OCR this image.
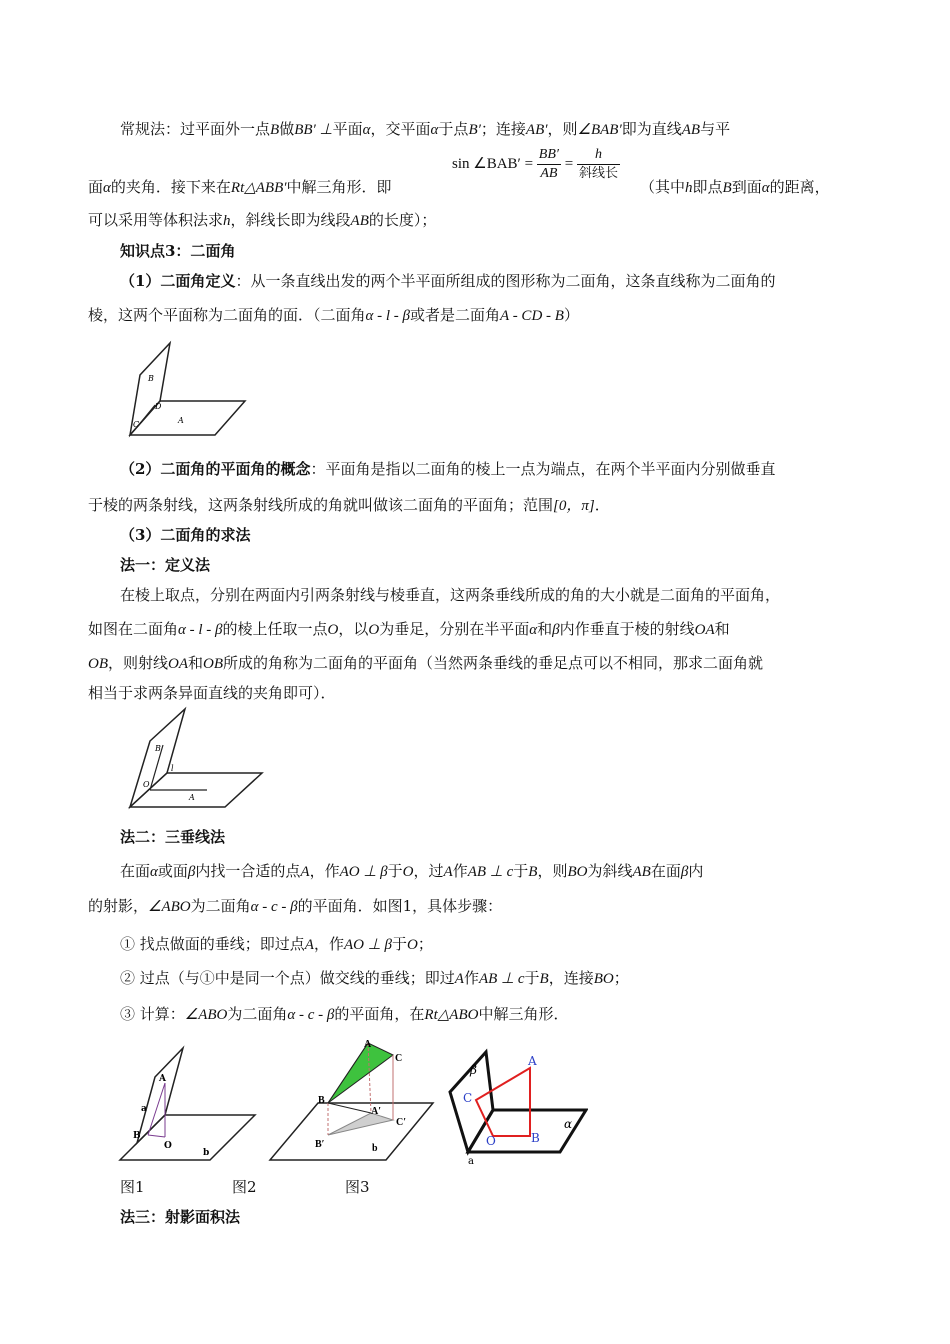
常规法：过平面外一点B做BB′ ⊥平面α，交平面α于点B′；连接AB′，则∠BAB′即为直线AB与平
sin ∠BAB′ = $\frac{BB'}{AB} = \frac{h}{\text{斜线长}}$
面α的夹角．接下来在Rt△ABB′中解三角形．即	（其中h即点B到面α的距离，
可以采用等体积法求h，斜线长即为线段AB的长度）；
知识点3：二面角
（1）二面角定义：从一条直线出发的两个半平面所组成的图形称为二面角，这条直线称为二面角的
棱，这两个平面称为二面角的面．（二面角α - l - β或者是二面角A - CD - B）
B
D
C	A
（2）二面角的平面角的概念：平面角是指以二面角的棱上一点为端点，在两个半平面内分别做垂直
于棱的两条射线，这两条射线所成的角就叫做该二面角的平面角；范围[0，π]．
（3）二面角的求法
法一：定义法
在棱上取点，分别在两面内引两条射线与棱垂直，这两条垂线所成的角的大小就是二面角的平面角，
如图在二面角α - l - β的棱上任取一点O，以O为垂足，分别在半平面α和β内作垂直于棱的射线OA和
OB，则射线OA和OB所成的角称为二面角的平面角（当然两条垂线的垂足点可以不相同，那求二面角就
相当于求两条异面直线的夹角即可）．
B
l
O
A
法二：三垂线法
在面α或面β内找一合适的点A，作AO ⊥ β于O，过A作AB ⊥ c于B，则BO为斜线AB在面β内
的射影，∠ABO为二面角α - c - β的平面角．如图1，具体步骤：
① 找点做面的垂线；即过点A，作AO ⊥ β于O；
② 过点（与①中是同一个点）做交线的垂线；即过A作AB ⊥ c于B，连接BO；
③ 计算：∠ABO为二面角α - c - β的平面角，在Rt△ABO中解三角形．
A
a
B
O
b
A
C
B
A′
B′
C′
b
β
A
C
O	B
α
a
图1	图2	图3
法三：射影面积法
